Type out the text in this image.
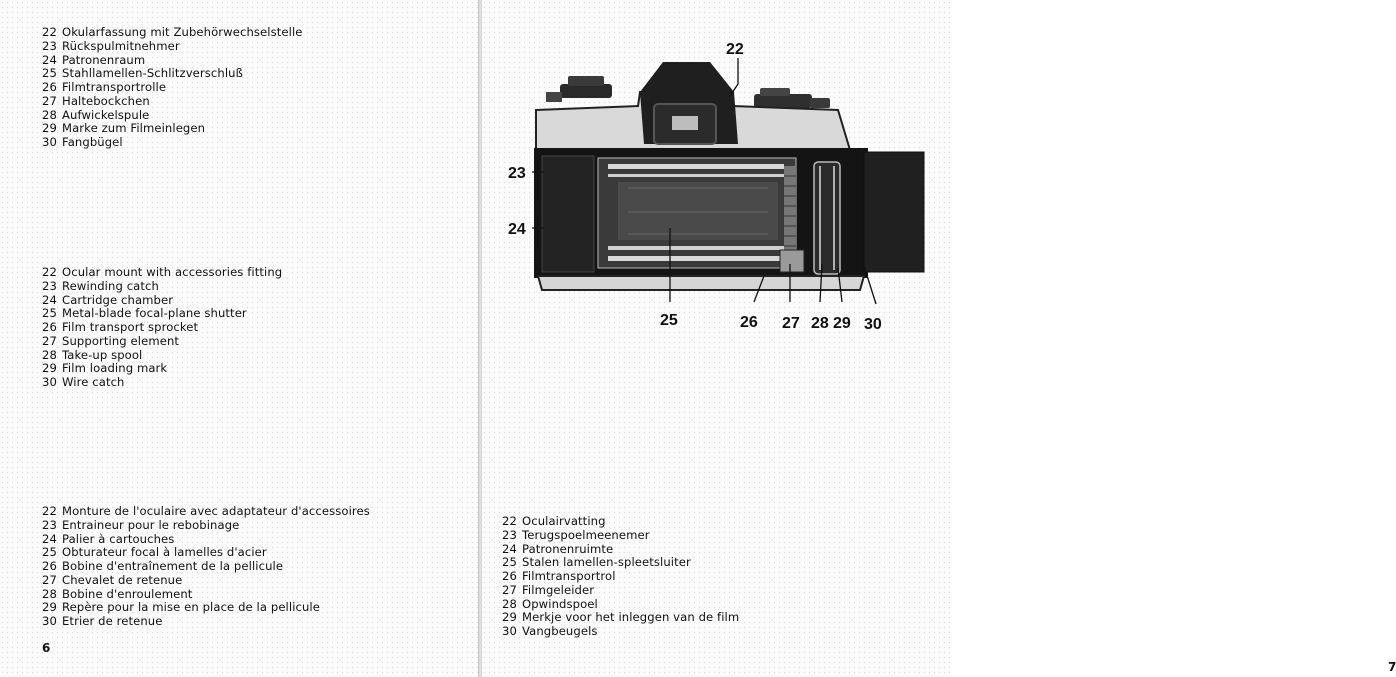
22 Okularfassung mit Zubehörwechselstelle
23 Rückspulmitnehmer
24 Patronenraum
25 Stahllamellen-Schlitzverschluß
26 Filmtransportrolle
27 Haltebockchen
28 Aufwickelspule
29 Marke zum Filmeinlegen
30 Fangbügel
22 Ocular mount with accessories fitting
23 Rewinding catch
24 Cartridge chamber
25 Metal-blade focal-plane shutter
26 Film transport sprocket
27 Supporting element
28 Take-up spool
29 Film loading mark
30 Wire catch
22 Monture de l'oculaire avec adaptateur d'accessoires
23 Entraineur pour le rebobinage
24 Palier à cartouches
25 Obturateur focal à lamelles d'acier
26 Bobine d'entraînement de la pellicule
27 Chevalet de retenue
28 Bobine d'enroulement
29 Repère pour la mise en place de la pellicule
30 Etrier de retenue
6
7
22 Oculairvatting
23 Terugspoelmeenemer
24 Patronenruimte
25 Stalen lamellen-spleetsluiter
26 Filmtransportrol
27 Filmgeleider
28 Opwindspoel
29 Merkje voor het inleggen van de film
30 Vangbeugels
22
23
24
25	26 27 28 29 30
